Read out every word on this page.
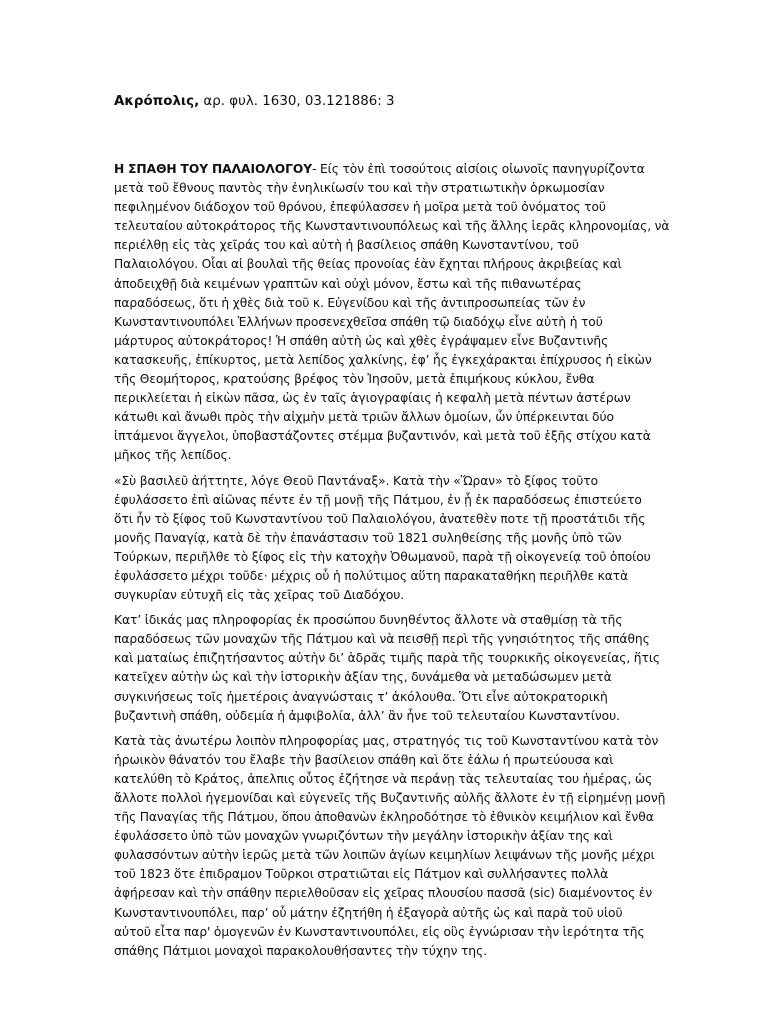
Ακρόπολις, αρ. φυλ. 1630, 03.121886: 3

Η ΣΠΑΘΗ ΤΟΥ ΠΑΛΑΙΟΛΟΓΟΥ- Είς τὸν ἐπὶ τοσούτοις αἰσίοις οἰωνοῖς πανηγυρίζοντα
μετὰ τοῦ ἔθνους παντὸς τὴν ἐνηλικίωσίν του καὶ τὴν στρατιωτικὴν ὁρκωμοσίαν
πεφιλημένον διάδοχον τοῦ θρόνου, ἐπεφύλασσεν ἡ μοῖρα μετὰ τοῦ ὀνόματος τοῦ
τελευταίου αὐτοκράτορος τῆς Κωνσταντινουπόλεως καὶ τῆς ἄλλης ἱερᾶς κληρονομίας, νὰ
περιέλθῃ εἰς τὰς χεῖράς του καὶ αὐτὴ ἡ βασίλειος σπάθη Κωνσταντίνου, τοῦ
Παλαιολόγου. Οἷαι αἱ βουλαὶ τῆς θείας προνοίας ἐὰν ἔχηται πλήρους ἀκριβείας καὶ
ἀποδειχθῇ διὰ κειμένων γραπτῶν καὶ οὐχὶ μόνον, ἔστω καὶ τῆς πιθανωτέρας
παραδόσεως, ὅτι ἡ χθὲς διὰ τοῦ κ. Εὐγενίδου καὶ τῆς ἀντιπροσωπείας τῶν ἐν
Κωνσταντινουπόλει Ἑλλήνων προσενεχθεῖσα σπάθη τῷ διαδόχῳ εἶνε αὐτὴ ἡ τοῦ
μάρτυρος αὐτοκράτορος! Ἡ σπάθη αὐτὴ ὡς καὶ χθὲς ἐγράψαμεν εἶνε Βυζαντινῆς
κατασκευῆς, ἐπίκυρτος, μετὰ λεπίδος χαλκίνης, ἐφ’ ἧς ἐγκεχάρακται ἐπίχρυσος ἡ εἰκὼν
τῆς Θεομήτορος, κρατούσης βρέφος τὸν Ἰησοῦν, μετὰ ἐπιμήκους κύκλου, ἔνθα
περικλείεται ἡ εἰκὼν πᾶσα, ὡς ἐν ταῖς ἁγιογραφίαις ἡ κεφαλὴ μετὰ πέντων ἀστέρων
κάτωθι καὶ ἄνωθι πρὸς τὴν αἰχμὴν μετὰ τριῶν ἄλλων ὁμοίων, ὧν ὑπέρκεινται δύο
ἱπτάμενοι ἄγγελοι, ὑποβαστάζοντες στέμμα βυζαντινόν, καὶ μετὰ τοῦ ἑξῆς στίχου κατὰ
μῆκος τῆς λεπίδος.

«Σὺ βασιλεῦ ἀήττητε, λόγε Θεοῦ Παντάναξ». Κατὰ τὴν «Ὥραν» τὸ ξίφος τοῦτο
ἐφυλάσσετο ἐπὶ αἰῶνας πέντε ἐν τῇ μονῇ τῆς Πάτμου, ἐν ᾗ ἐκ παραδόσεως ἐπιστεύετο
ὅτι ἦν τὸ ξίφος τοῦ Κωνσταντίνου τοῦ Παλαιολόγου, ἀνατεθὲν ποτε τῇ προστάτιδι τῆς
μονῆς Παναγίᾳ, κατὰ δὲ τὴν ἐπανάστασιν τοῦ 1821 συληθείσης τῆς μονῆς ὑπὸ τῶν
Τούρκων, περιῆλθε τὸ ξίφος εἰς τὴν κατοχὴν Ὀθωμανοῦ, παρὰ τῇ οἰκογενείᾳ τοῦ ὁποίου
ἐφυλάσσετο μέχρι τοῦδε· μέχρις οὗ ἡ πολύτιμος αὕτη παρακαταθήκη περιῆλθε κατὰ
συγκυρίαν εὐτυχῆ εἰς τὰς χεῖρας τοῦ Διαδόχου.

Κατ’ ἰδικάς μας πληροφορίας ἐκ προσώπου δυνηθέντος ἄλλοτε νὰ σταθμίσῃ τὰ τῆς
παραδόσεως τῶν μοναχῶν τῆς Πάτμου καὶ νὰ πεισθῇ περὶ τῆς γνησιότητος τῆς σπάθης
καὶ ματαίως ἐπιζητήσαντος αὐτὴν δι’ ἁδρᾶς τιμῆς παρὰ τῆς τουρκικῆς οἰκογενείας, ἥτις
κατεῖχεν αὐτὴν ὡς καὶ τὴν ἱστορικὴν ἀξίαν της, δυνάμεθα νὰ μεταδώσωμεν μετὰ
συγκινήσεως τοῖς ἡμετέροις ἀναγνώσταις τ’ ἀκόλουθα. Ὅτι εἶνε αὐτοκρατορικὴ
βυζαντινὴ σπάθη, οὐδεμία ἡ ἀμφιβολία, ἀλλ’ ἂν ἦνε τοῦ τελευταίου Κωνσταντίνου.

Κατὰ τὰς ἀνωτέρω λοιπὸν πληροφορίας μας, στρατηγός τις τοῦ Κωνσταντίνου κατὰ τὸν
ἡρωικὸν θάνατόν του ἔλαβε τὴν βασίλειον σπάθη καὶ ὅτε ἑάλω ἡ πρωτεύουσα καὶ
κατελύθη τὸ Κράτος, ἀπελπις οὗτος ἐζήτησε νὰ περάνῃ τὰς τελευταίας του ἡμέρας, ὡς
ἄλλοτε πολλοὶ ἡγεμονίδαι καὶ εὐγενεῖς τῆς Βυζαντινῆς αὐλῆς ἄλλοτε ἐν τῇ εἰρημένῃ μονῇ
τῆς Παναγίας τῆς Πάτμου, ὅπου ἀποθανὼν ἐκληροδότησε τὸ ἐθνικὸν κειμήλιον καὶ ἔνθα
ἐφυλάσσετο ὑπὸ τῶν μοναχῶν γνωριζόντων τὴν μεγάλην ἱστορικὴν ἀξίαν της καὶ
φυλασσόντων αὐτὴν ἱερῶς μετὰ τῶν λοιπῶν ἁγίων κειμηλίων λειψάνων τῆς μονῆς μέχρι
τοῦ 1823 ὅτε ἐπιδραμον Τοῦρκοι στρατιῶται εἰς Πάτμον καὶ συλλήσαντες πολλὰ
ἀφήρεσαν καὶ τὴν σπάθην περιελθοῦσαν εἰς χεῖρας πλουσίου πασσᾶ (sic) διαμένοντος ἐν
Κωνσταντινουπόλει, παρ’ οὗ μάτην ἐζητήθη ἡ ἐξαγορὰ αὐτῆς ὡς καὶ παρὰ τοῦ υἱοῦ
αὐτοῦ εἶτα παρ' ὁμογενῶν ἐν Κωνσταντινουπόλει, εἰς οὓς ἐγνώρισαν τὴν ἱερότητα τῆς
σπάθης Πάτμιοι μοναχοὶ παρακολουθήσαντες τὴν τύχην της.
